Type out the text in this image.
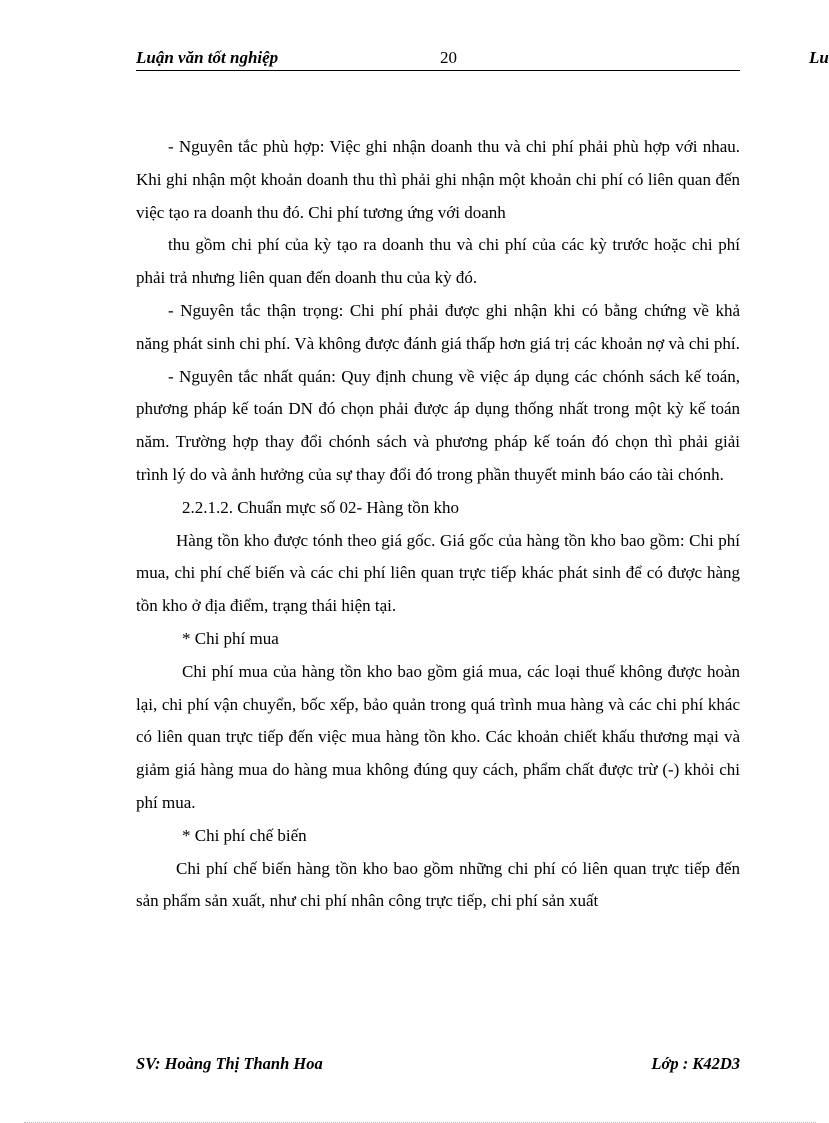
Luận văn tốt nghiệp	20	Lu

- Nguyên tắc phù hợp: Việc ghi nhận doanh thu và chi phí phải phù hợp với nhau. Khi ghi nhận một khoản doanh thu thì phải ghi nhận một khoản chi phí có liên quan đến việc tạo ra doanh thu đó. Chi phí tương ứng với doanh

thu gồm chi phí của kỳ tạo ra doanh thu và chi phí của các kỳ trước hoặc chi phí phải trả nhưng liên quan đến doanh thu của kỳ đó.

- Nguyên tắc thận trọng: Chi phí phải được ghi nhận khi có bằng chứng về khả năng phát sinh chi phí. Và không được đánh giá thấp hơn giá trị các khoản nợ và chi phí.

- Nguyên tắc nhất quán: Quy định chung về việc áp dụng các chónh sách kế toán, phương pháp kế toán DN đó chọn phải được áp dụng thống nhất trong một kỳ kế toán năm. Trường hợp thay đổi chónh sách và phương pháp kế toán đó chọn thì phải giải trình lý do và ảnh hưởng của sự thay đổi đó trong phần thuyết minh báo cáo tài chónh.

2.2.1.2. Chuẩn mực số 02- Hàng tồn kho

Hàng tồn kho được tónh theo giá gốc. Giá gốc của hàng tồn kho bao gồm: Chi phí mua, chi phí chế biến và các chi phí liên quan trực tiếp khác phát sinh để có được hàng tồn kho ở địa điểm, trạng thái hiện tại.

* Chi phí mua

Chi phí mua của hàng tồn kho bao gồm giá mua, các loại thuế không được hoàn lại, chi phí vận chuyển, bốc xếp, bảo quản trong quá trình mua hàng và các chi phí khác có liên quan trực tiếp đến việc mua hàng tồn kho. Các khoản chiết khấu thương mại và giảm giá hàng mua do hàng mua không đúng quy cách, phẩm chất được trừ (-) khỏi chi phí mua.

* Chi phí chế biến

Chi phí chế biến hàng tồn kho bao gồm những chi phí có liên quan trực tiếp đến sản phẩm sản xuất, như chi phí nhân công trực tiếp, chi phí sản xuất

SV: Hoàng Thị Thanh Hoa	Lớp : K42D3
